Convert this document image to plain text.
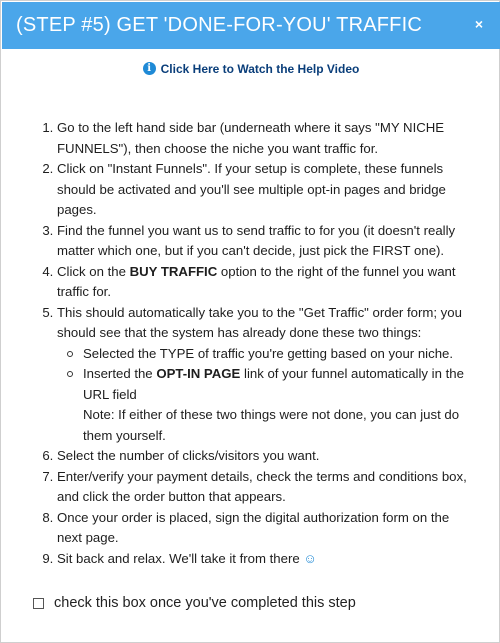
(STEP #5) GET 'DONE-FOR-YOU' TRAFFIC	×
i Click Here to Watch the Help Video
1. Go to the left hand side bar (underneath where it says "MY NICHE FUNNELS"), then choose the niche you want traffic for.
2. Click on "Instant Funnels". If your setup is complete, these funnels should be activated and you'll see multiple opt-in pages and bridge pages.
3. Find the funnel you want us to send traffic to for you (it doesn't really matter which one, but if you can't decide, just pick the FIRST one).
4. Click on the BUY TRAFFIC option to the right of the funnel you want traffic for.
5. This should automatically take you to the "Get Traffic" order form; you should see that the system has already done these two things:
Selected the TYPE of traffic you're getting based on your niche.
Inserted the OPT-IN PAGE link of your funnel automatically in the URL field
Note: If either of these two things were not done, you can just do them yourself.
6. Select the number of clicks/visitors you want.
7. Enter/verify your payment details, check the terms and conditions box, and click the order button that appears.
8. Once your order is placed, sign the digital authorization form on the next page.
9. Sit back and relax. We'll take it from there ☺
check this box once you've completed this step
